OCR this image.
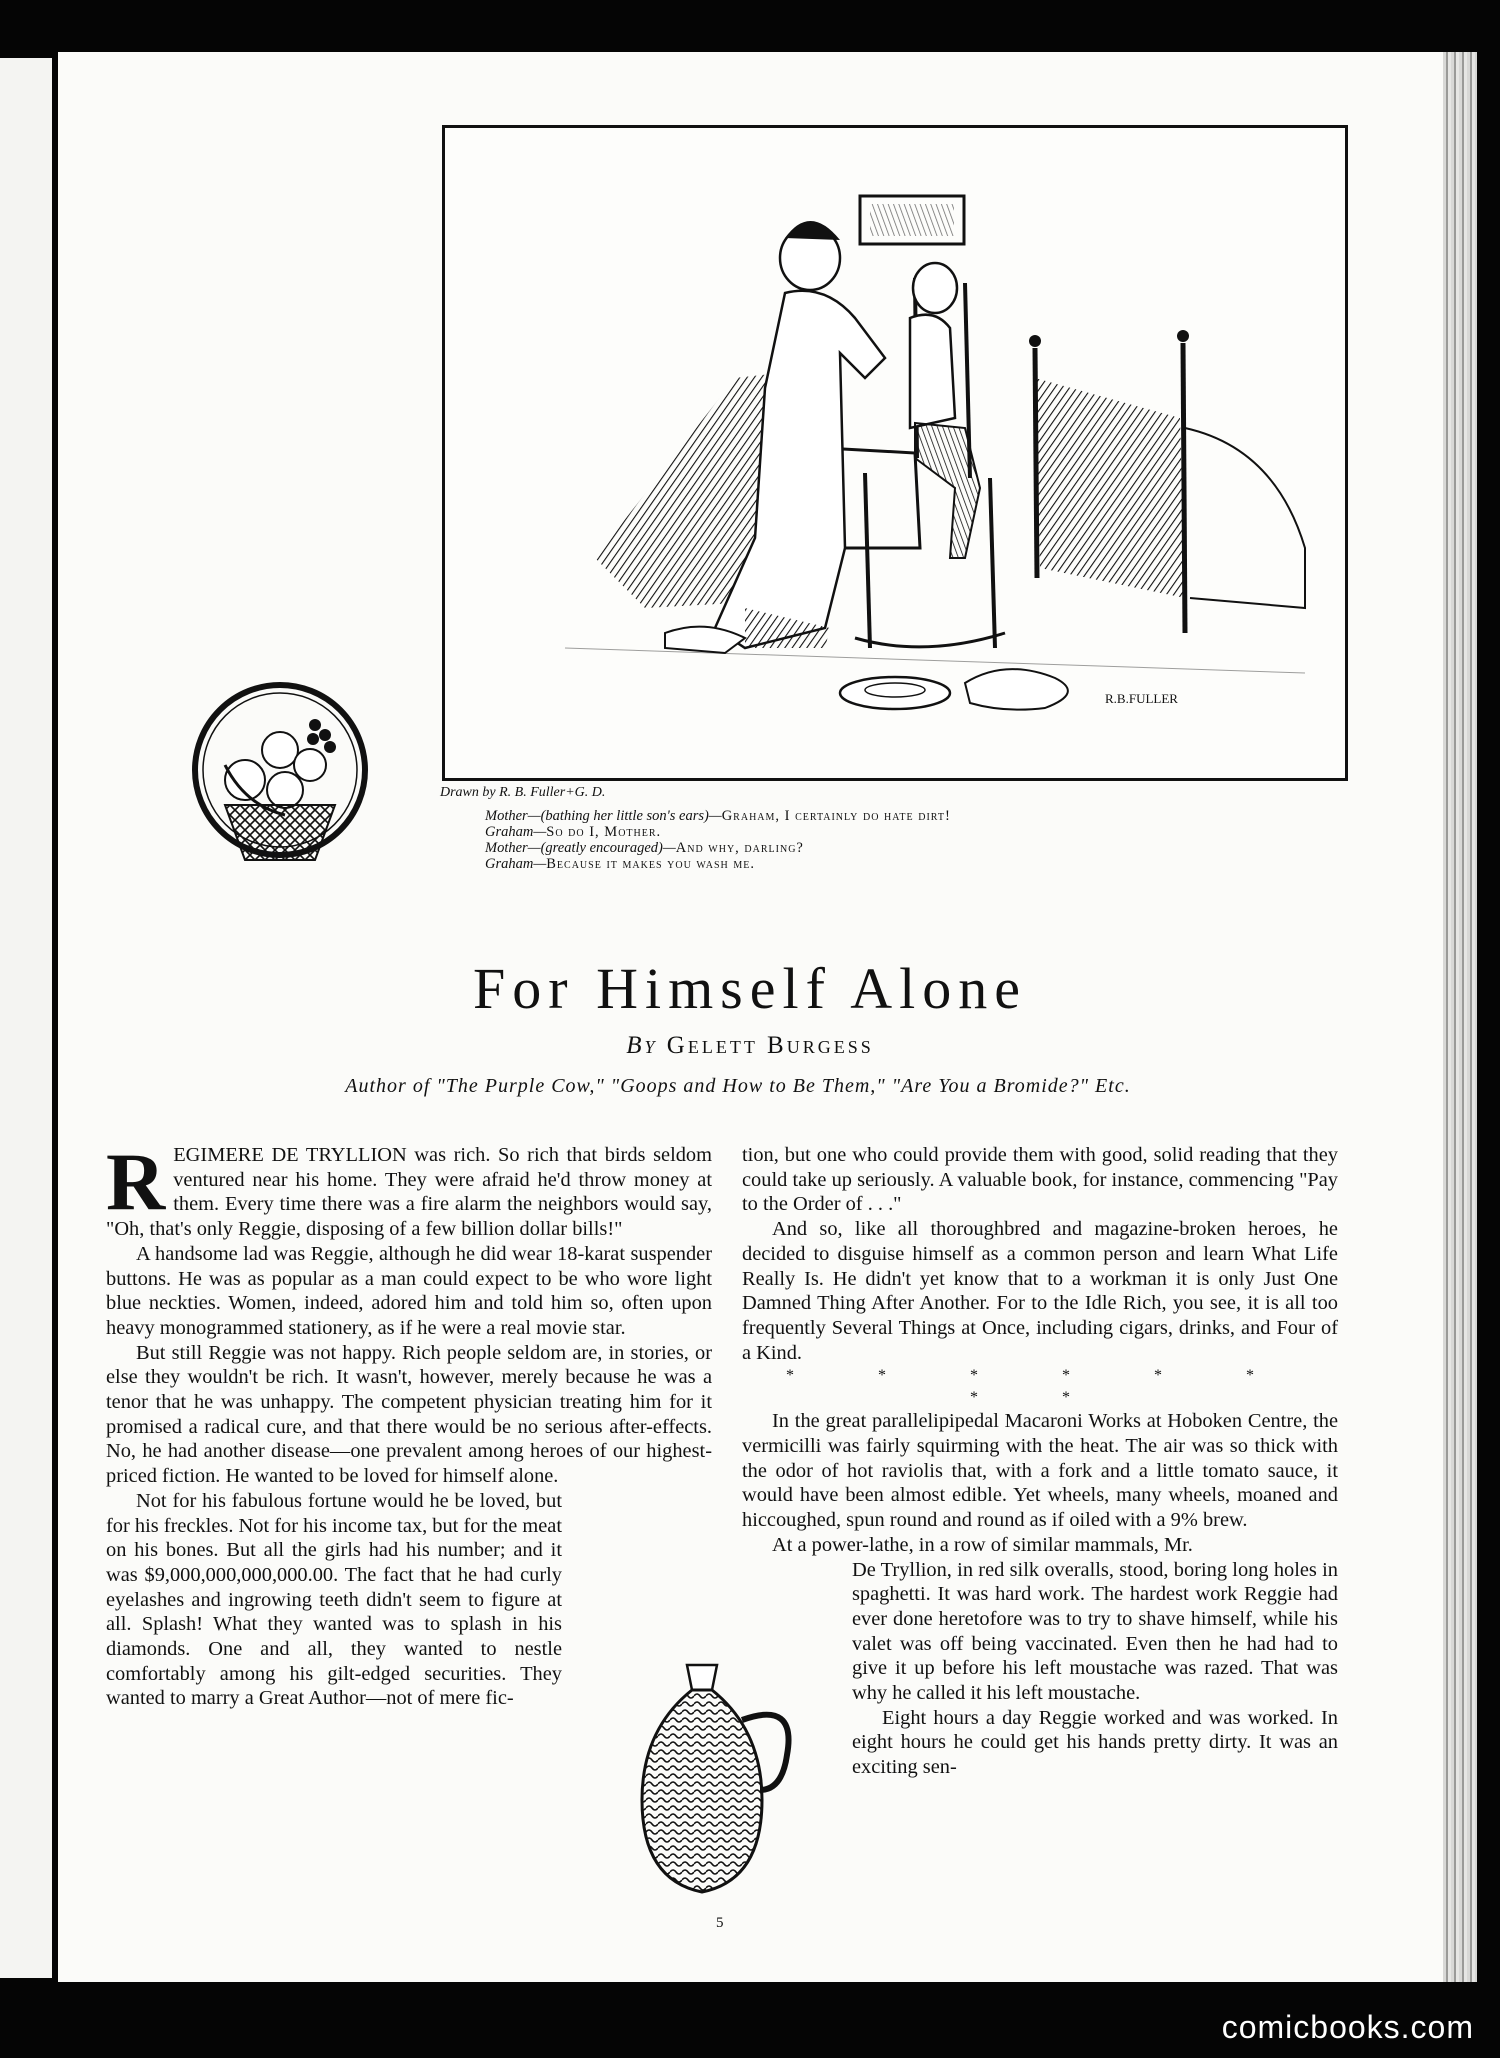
R.B.FULLER
Drawn by R. B. Fuller+G. D.
Mother—(bathing her little son's ears)—Graham, I certainly do hate dirt!
Graham—So do I, Mother.
Mother—(greatly encouraged)—And why, darling?
Graham—Because it makes you wash me.
For Himself Alone
By Gelett Burgess
Author of "The Purple Cow," "Goops and How to Be Them," "Are You a Bromide?" Etc.

REGIMERE DE TRYLLION was rich. So rich that birds seldom ventured near his home. They were afraid he'd throw money at them. Every time there was a fire alarm the neighbors would say, "Oh, that's only Reggie, disposing of a few billion dollar bills!"

A handsome lad was Reggie, although he did wear 18-karat suspender buttons. He was as popular as a man could expect to be who wore light blue neckties. Women, indeed, adored him and told him so, often upon heavy monogrammed stationery, as if he were a real movie star.

But still Reggie was not happy. Rich people seldom are, in stories, or else they wouldn't be rich. It wasn't, however, merely because he was a tenor that he was unhappy. The competent physician treating him for it promised a radical cure, and that there would be no serious after-effects. No, he had another disease—one prevalent among heroes of our highest-priced fiction. He wanted to be loved for himself alone.

Not for his fabulous fortune would he be loved, but for his freckles. Not for his income tax, but for the meat on his bones. But all the girls had his number; and it was $9,000,000,000,000.00. The fact that he had curly eyelashes and ingrowing teeth didn't seem to figure at all. Splash! What they wanted was to splash in his diamonds. One and all, they wanted to nestle comfortably among his gilt-edged securities. They wanted to marry a Great Author—not of mere fic-

tion, but one who could provide them with good, solid reading that they could take up seriously. A valuable book, for instance, commencing "Pay to the Order of . . ."

And so, like all thoroughbred and magazine-broken heroes, he decided to disguise himself as a common person and learn What Life Really Is. He didn't yet know that to a workman it is only Just One Damned Thing After Another. For to the Idle Rich, you see, it is all too frequently Several Things at Once, including cigars, drinks, and Four of a Kind.

* * * * * * * *

In the great parallelipipedal Macaroni Works at Hoboken Centre, the vermicilli was fairly squirming with the heat. The air was so thick with the odor of hot raviolis that, with a fork and a little tomato sauce, it would have been almost edible. Yet wheels, many wheels, moaned and hiccoughed, spun round and round as if oiled with a 9% brew.

At a power-lathe, in a row of similar mammals, Mr.

De Tryllion, in red silk overalls, stood, boring long holes in spaghetti. It was hard work. The hardest work Reggie had ever done heretofore was to try to shave himself, while his valet was off being vaccinated. Even then he had had to give it up before his left moustache was razed. That was why he called it his left moustache.

Eight hours a day Reggie worked and was worked. In eight hours he could get his hands pretty dirty. It was an exciting sen-

5
comicbooks.com
